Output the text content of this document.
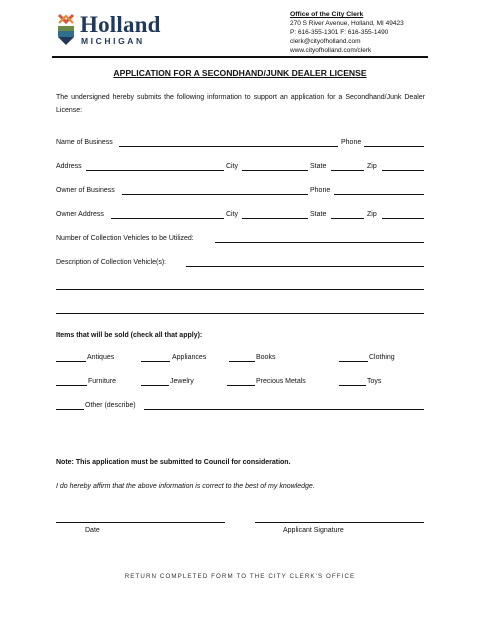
Holland
MICHIGAN
Office of the City Clerk
270 S River Avenue, Holland, MI 49423
P: 616-355-1301 F: 616-355-1490
clerk@cityofholland.com
www.cityofholland.com/clerk
APPLICATION FOR A SECONDHAND/JUNK DEALER LICENSE
The undersigned hereby submits the following information to support an application for a Secondhand/Junk Dealer License:
Name of Business	Phone
Address	City	State	Zip
Owner of Business	Phone
Owner Address	City	State	Zip
Number of Collection Vehicles to be Utilized:
Description of Collection Vehicle(s):
Items that will be sold (check all that apply):
Antiques	Appliances	Books	Clothing
Furniture	Jewelry	Precious Metals	Toys
Other (describe)
Note: This application must be submitted to Council for consideration.
I do hereby affirm that the above information is correct to the best of my knowledge.
Date	Applicant Signature
RETURN COMPLETED FORM TO THE CITY CLERK'S OFFICE
